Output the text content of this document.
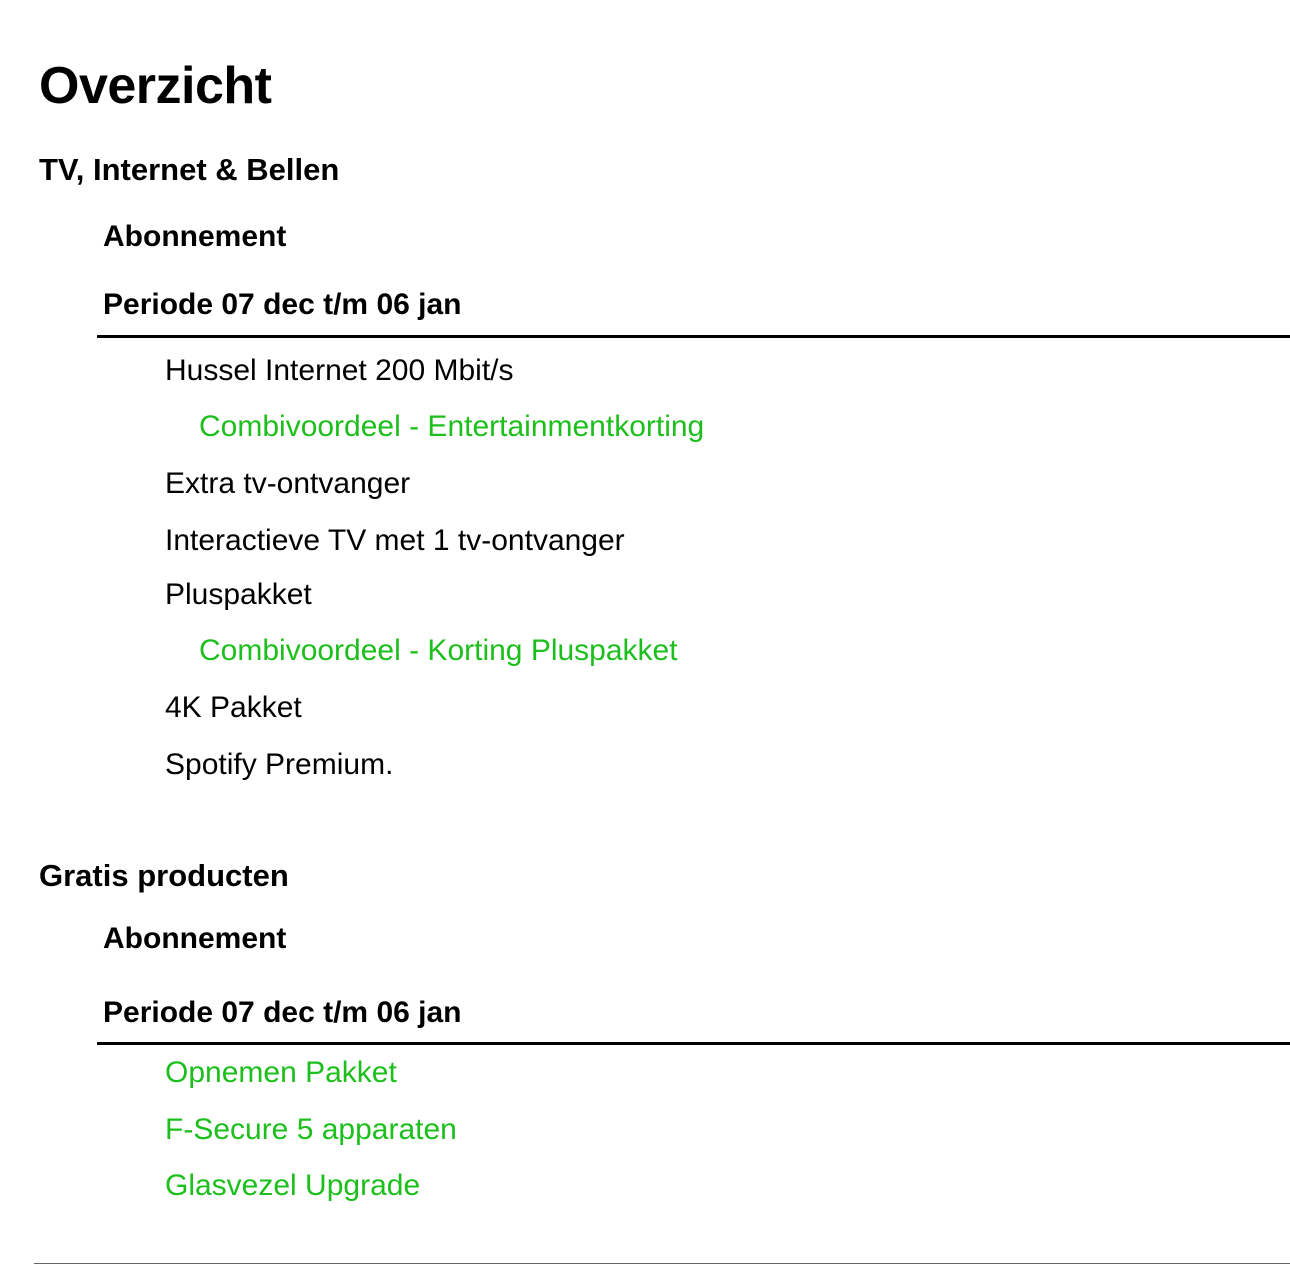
Overzicht
TV, Internet & Bellen
Abonnement
Periode 07 dec t/m 06 jan
Hussel Internet 200 Mbit/s
Combivoordeel - Entertainmentkorting
Extra tv-ontvanger
Interactieve TV met 1 tv-ontvanger
Pluspakket
Combivoordeel - Korting Pluspakket
4K Pakket
Spotify Premium.
Gratis producten
Abonnement
Periode 07 dec t/m 06 jan
Opnemen Pakket
F-Secure 5 apparaten
Glasvezel Upgrade
